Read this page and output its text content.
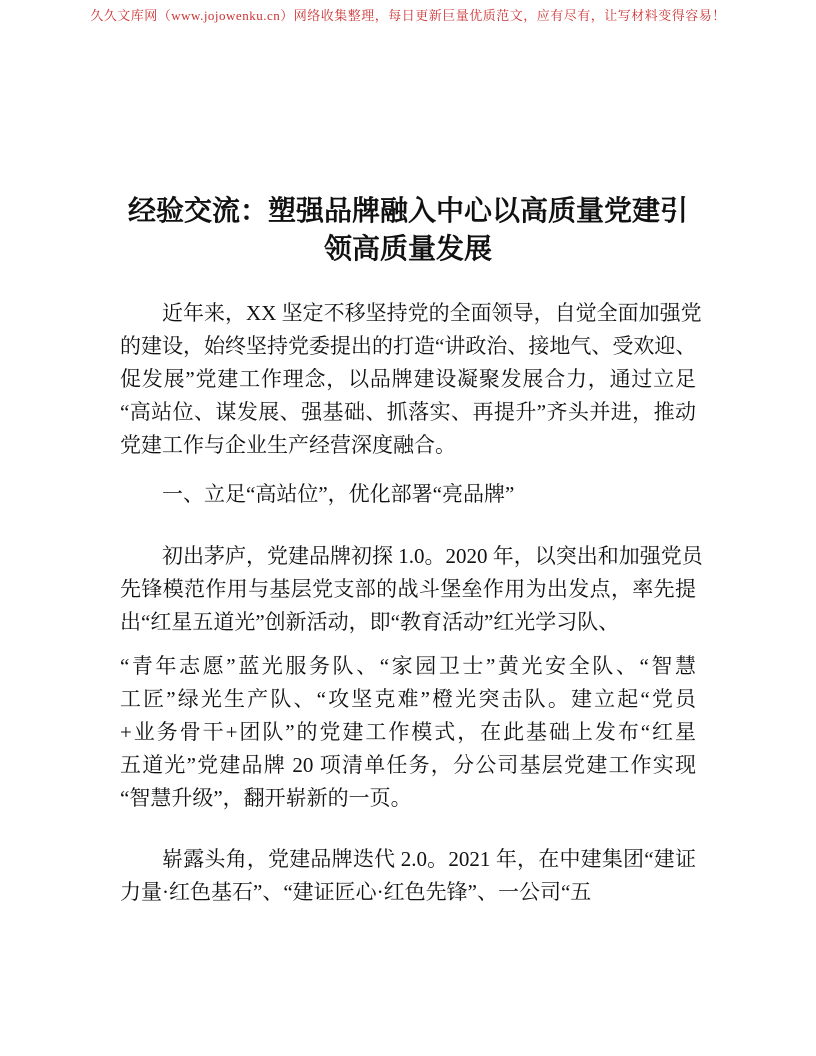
久久文库网（www.jojowenku.cn）网络收集整理，每日更新巨量优质范文，应有尽有，让写材料变得容易！
经验交流：塑强品牌融入中心以高质量党建引
领高质量发展
近年来，XX 坚定不移坚持党的全面领导，自觉全面加强党
的建设，始终坚持党委提出的打造“讲政治、接地气、受欢迎、
促发展”党建工作理念，以品牌建设凝聚发展合力，通过立足
“高站位、谋发展、强基础、抓落实、再提升”齐头并进，推动
党建工作与企业生产经营深度融合。
一、立足“高站位”，优化部署“亮品牌”
初出茅庐，党建品牌初探 1.0。2020 年，以突出和加强党员
先锋模范作用与基层党支部的战斗堡垒作用为出发点，率先提
出“红星五道光”创新活动，即“教育活动”红光学习队、
“青年志愿”蓝光服务队、“家园卫士”黄光安全队、“智慧
工匠”绿光生产队、“攻坚克难”橙光突击队。建立起“党员
+业务骨干+团队”的党建工作模式，在此基础上发布“红星
五道光”党建品牌 20 项清单任务，分公司基层党建工作实现
“智慧升级”，翻开崭新的一页。
崭露头角，党建品牌迭代 2.0。2021 年，在中建集团“建证
力量·红色基石”、“建证匠心·红色先锋”、一公司“五
